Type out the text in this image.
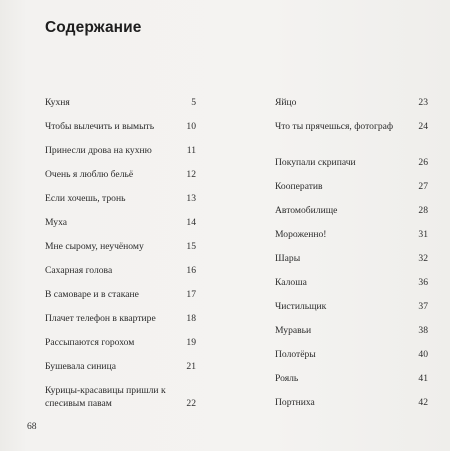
Содержание
Кухня	5
Чтобы вылечить и вымыть	10
Принесли дрова на кухню	11
Очень я люблю бельё	12
Если хочешь, тронь	13
Муха	14
Мне сырому, неучёному	15
Сахарная голова	16
В самоваре и в стакане	17
Плачет телефон в квартире	18
Рассыпаются горохом	19
Бушевала синица	21
Курицы-красавицы пришли к спесивым павам	22
Яйцо	23
Что ты прячешься, фотограф	24
Покупали скрипачи	26
Кооператив	27
Автомобилище	28
Мороженно!	31
Шары	32
Калоша	36
Чистильщик	37
Муравьи	38
Полотёры	40
Рояль	41
Портниха	42
68
